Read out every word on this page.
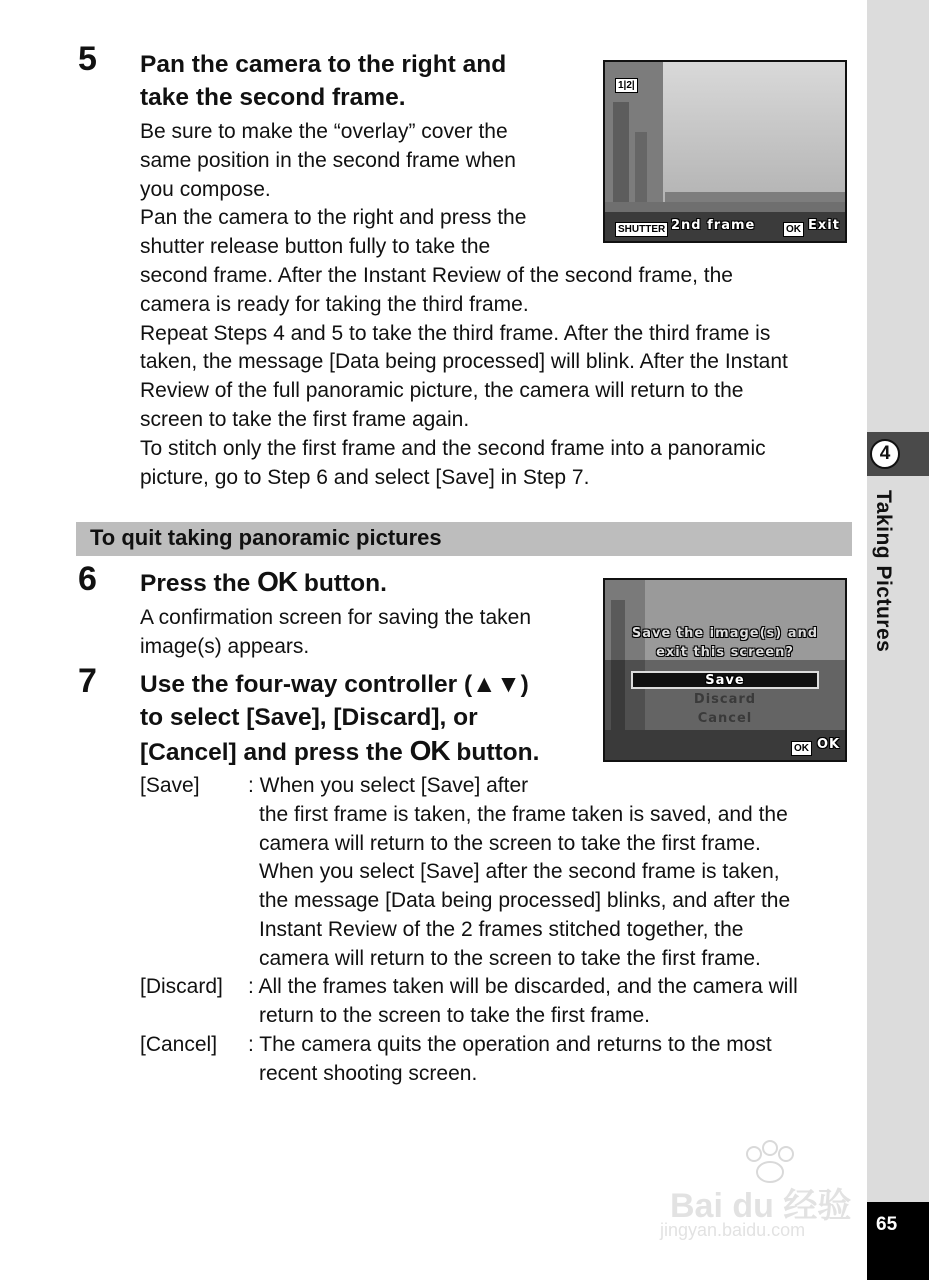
4
Taking Pictures
65
5 Pan the camera to the right and
take the second frame.
Be sure to make the “overlay” cover the
same position in the second frame when
you compose.
Pan the camera to the right and press the
shutter release button fully to take the
second frame. After the Instant Review of the second frame, the
camera is ready for taking the third frame.
Repeat Steps 4 and 5 to take the third frame. After the third frame is
taken, the message [Data being processed] will blink. After the Instant
Review of the full panoramic picture, the camera will return to the
screen to take the first frame again.
To stitch only the first frame and the second frame into a panoramic
picture, go to Step 6 and select [Save] in Step 7.
1|2|
SHUTTER 2nd frame	OK Exit
To quit taking panoramic pictures
6 Press the OK button.
A confirmation screen for saving the taken
image(s) appears.
Save the image(s) and
exit this screen?
Save
Discard
Cancel
OK OK
7 Use the four-way controller (▲▼)
to select [Save], [Discard], or
[Cancel] and press the OK button.
[Save] : When you select [Save] after
the first frame is taken, the frame taken is saved, and the
camera will return to the screen to take the first frame.
When you select [Save] after the second frame is taken,
the message [Data being processed] blinks, and after the
Instant Review of the 2 frames stitched together, the
camera will return to the screen to take the first frame.
[Discard] : All the frames taken will be discarded, and the camera will
return to the screen to take the first frame.
[Cancel] : The camera quits the operation and returns to the most
recent shooting screen.
Bai du 经验
jingyan.baidu.com
